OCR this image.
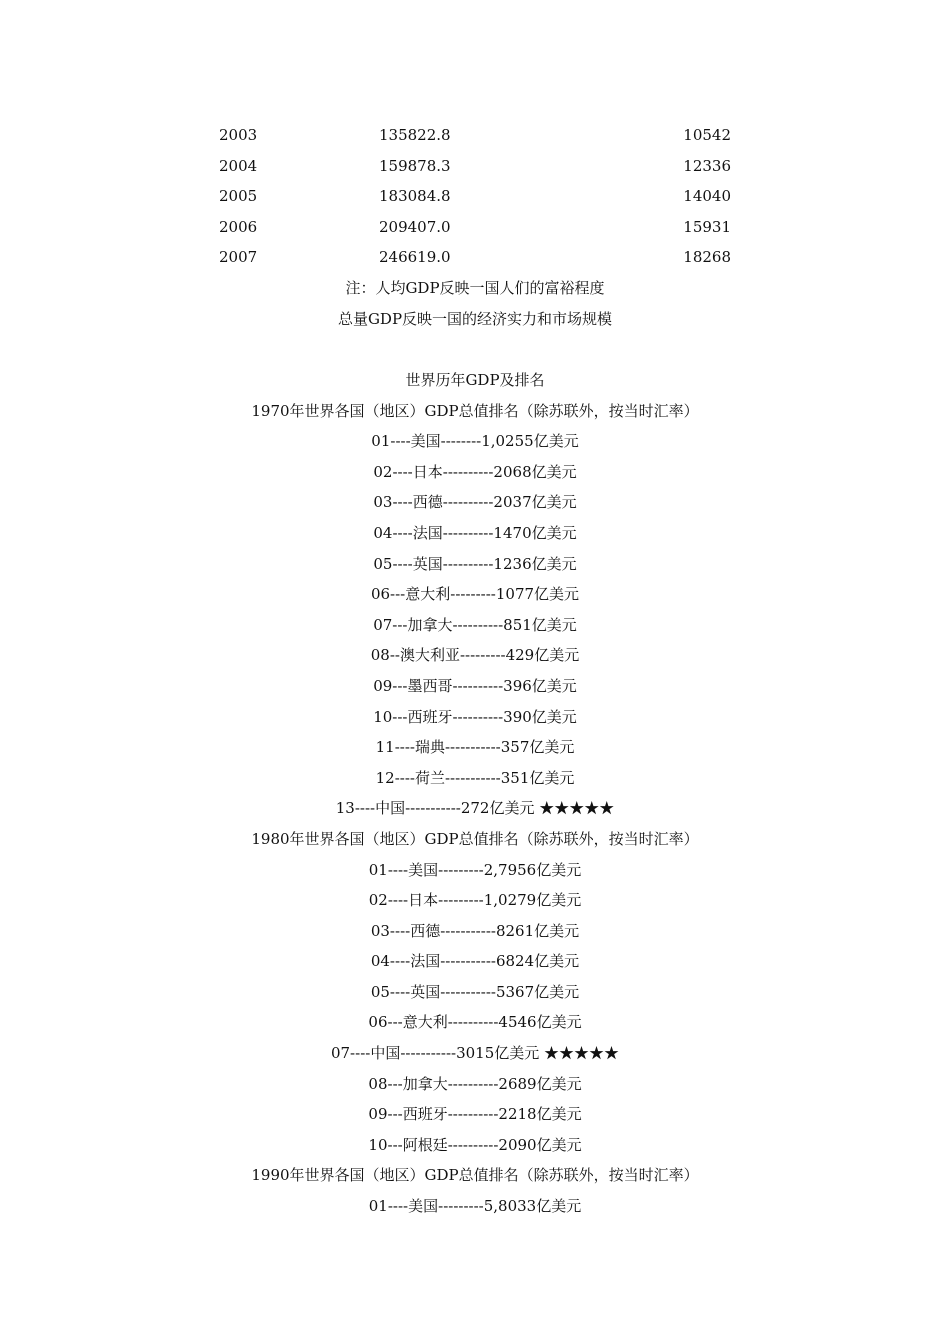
2003	135822.8	10542
2004	159878.3	12336
2005	183084.8	14040
2006	209407.0	15931
2007	246619.0	18268
注：人均GDP反映一国人们的富裕程度
总量GDP反映一国的经济实力和市场规模
世界历年GDP及排名
1970年世界各国（地区）GDP总值排名（除苏联外，按当时汇率）
01----美国--------1,0255亿美元
02----日本----------2068亿美元
03----西德----------2037亿美元
04----法国----------1470亿美元
05----英国----------1236亿美元
06---意大利---------1077亿美元
07---加拿大----------851亿美元
08--澳大利亚---------429亿美元
09---墨西哥----------396亿美元
10---西班牙----------390亿美元
11----瑞典-----------357亿美元
12----荷兰-----------351亿美元
13----中国-----------272亿美元 ★★★★★
1980年世界各国（地区）GDP总值排名（除苏联外，按当时汇率）
01----美国---------2,7956亿美元
02----日本---------1,0279亿美元
03----西德-----------8261亿美元
04----法国-----------6824亿美元
05----英国-----------5367亿美元
06---意大利----------4546亿美元
07----中国-----------3015亿美元 ★★★★★
08---加拿大----------2689亿美元
09---西班牙----------2218亿美元
10---阿根廷----------2090亿美元
1990年世界各国（地区）GDP总值排名（除苏联外，按当时汇率）
01----美国---------5,8033亿美元
